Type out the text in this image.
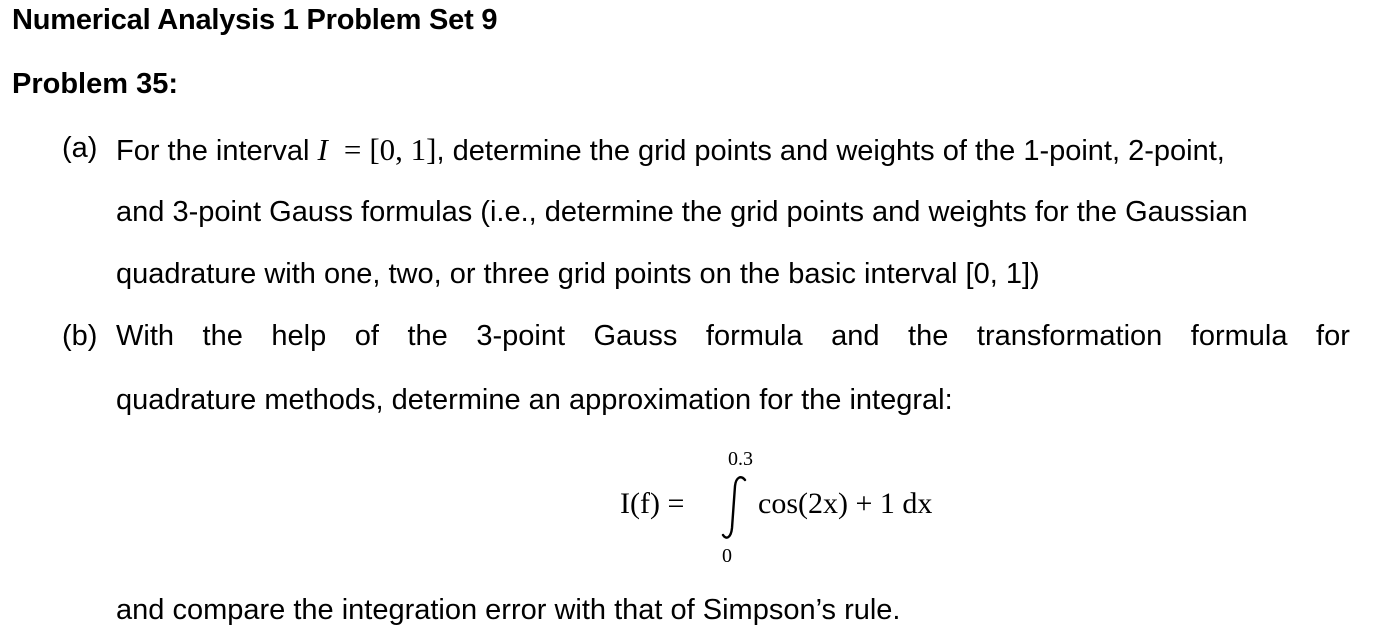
Numerical Analysis 1 Problem Set 9
Problem 35:
(a) For the interval I = [0, 1], determine the grid points and weights of the 1-point, 2-point,
and 3-point Gauss formulas (i.e., determine the grid points and weights for the Gaussian
quadrature with one, two, or three grid points on the basic interval [0, 1])
(b) With the help of the 3-point Gauss formula and the transformation formula for
quadrature methods, determine an approximation for the integral:
I(f) =
0.3
0
cos(2x) + 1 dx
and compare the integration error with that of Simpson’s rule.
